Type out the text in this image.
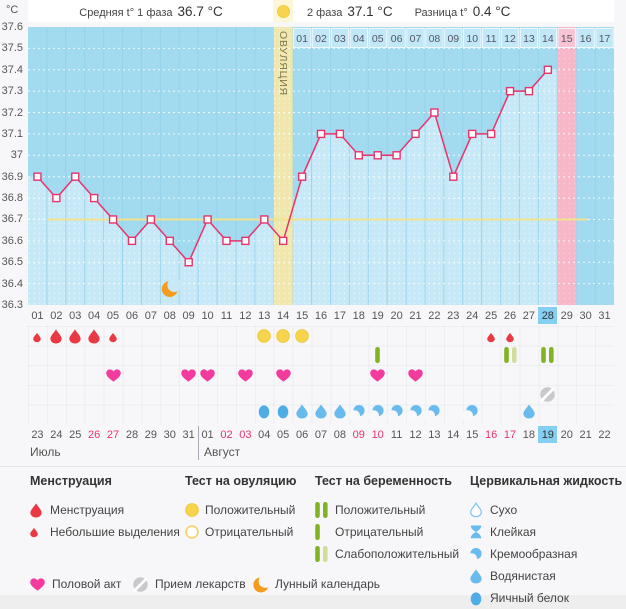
°C	Средняя t° 1 фаза 36.7 °C	2 фаза 37.1 °C Разница t° 0.4 °C
37.6
37.5
37.4
37.3
37.2
37.1
37
36.9
36.8
36.7
36.6
36.5
36.4
36.3
ОВУЛЯЦИЯ 01 02 03 04 05 06 07 08 09 10 11 12 13 14 15 16 17
01 02 03 04 05 06 07 08 09 10 11 12 13 14 15 16 17 18 19 20 21 22 23 24 25 26 27 28 29 30 31
23 24 25 26 27 28 29 30 31 01 02 03 04 05 06 07 08 09 10 11 12 13 14 15 16 17 18 19 20 21 22
Июль	Август
Менструация
Менструация
Небольшие выделения
Тест на овуляцию
Положительный
Отрицательный
Тест на беременность
Положительный
Отрицательный
Слабоположительный
Цервикальная жидкость
Сухо
Клейкая
Кремообразная
Водянистая
Яичный белок
Половой акт	Прием лекарств Лунный календарь
